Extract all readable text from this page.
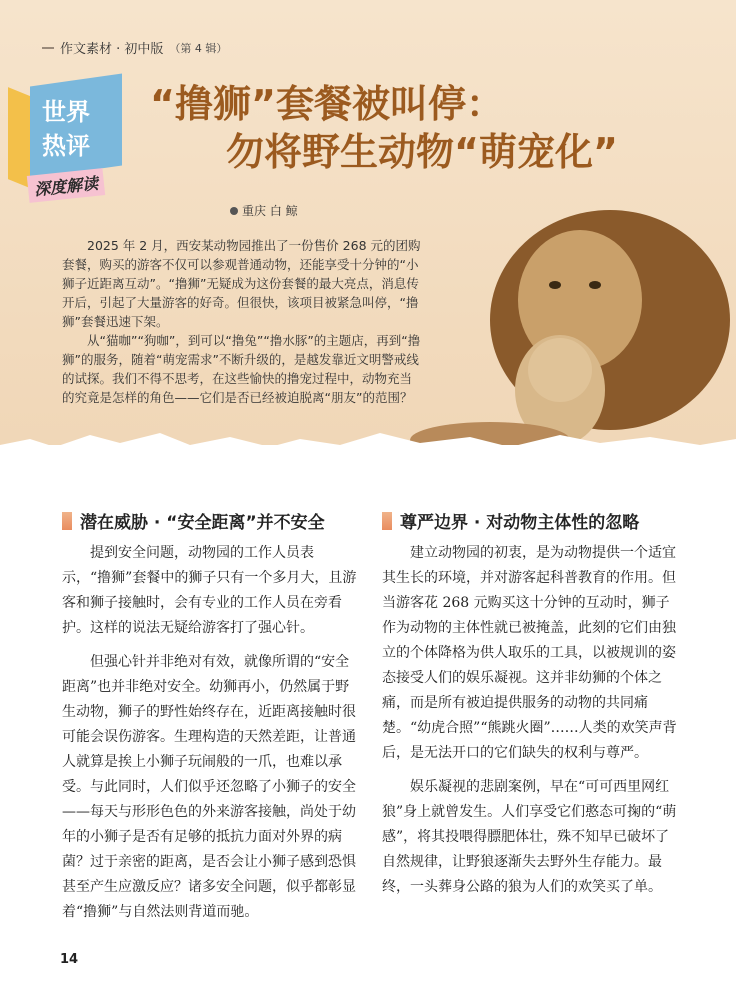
作文素材 · 初中版 （第 4 辑）
世界
热评
深度解读
“撸狮”套餐被叫停：
勿将野生动物“萌宠化”
重庆 白 鲸

2025 年 2 月，西安某动物园推出了一份售价 268 元的团购套餐，购买的游客不仅可以参观普通动物，还能享受十分钟的“小狮子近距离互动”。“撸狮”无疑成为这份套餐的最大亮点，消息传开后，引起了大量游客的好奇。但很快，该项目被紧急叫停，“撸狮”套餐迅速下架。

从“猫咖”“狗咖”，到可以“撸兔”“撸水豚”的主题店，再到“撸狮”的服务，随着“萌宠需求”不断升级的，是越发靠近文明警戒线的试探。我们不得不思考，在这些愉快的撸宠过程中，动物充当的究竟是怎样的角色——它们是否已经被迫脱离“朋友”的范围？

潜在威胁 · “安全距离”并不安全

提到安全问题，动物园的工作人员表示，“撸狮”套餐中的狮子只有一个多月大，且游客和狮子接触时，会有专业的工作人员在旁看护。这样的说法无疑给游客打了强心针。

但强心针并非绝对有效，就像所谓的“安全距离”也并非绝对安全。幼狮再小，仍然属于野生动物，狮子的野性始终存在，近距离接触时很可能会误伤游客。生理构造的天然差距，让普通人就算是挨上小狮子玩闹般的一爪，也难以承受。与此同时，人们似乎还忽略了小狮子的安全——每天与形形色色的外来游客接触，尚处于幼年的小狮子是否有足够的抵抗力面对外界的病菌？过于亲密的距离，是否会让小狮子感到恐惧甚至产生应激反应？诸多安全问题，似乎都彰显着“撸狮”与自然法则背道而驰。

尊严边界 · 对动物主体性的忽略

建立动物园的初衷，是为动物提供一个适宜其生长的环境，并对游客起科普教育的作用。但当游客花 268 元购买这十分钟的互动时，狮子作为动物的主体性就已被掩盖，此刻的它们由独立的个体降格为供人取乐的工具，以被规训的姿态接受人们的娱乐凝视。这并非幼狮的个体之痛，而是所有被迫提供服务的动物的共同痛楚。“幼虎合照”“熊跳火圈”……人类的欢笑声背后，是无法开口的它们缺失的权利与尊严。

娱乐凝视的悲剧案例，早在“可可西里网红狼”身上就曾发生。人们享受它们憨态可掬的“萌感”，将其投喂得膘肥体壮，殊不知早已破坏了自然规律，让野狼逐渐失去野外生存能力。最终，一头葬身公路的狼为人们的欢笑买了单。

14
